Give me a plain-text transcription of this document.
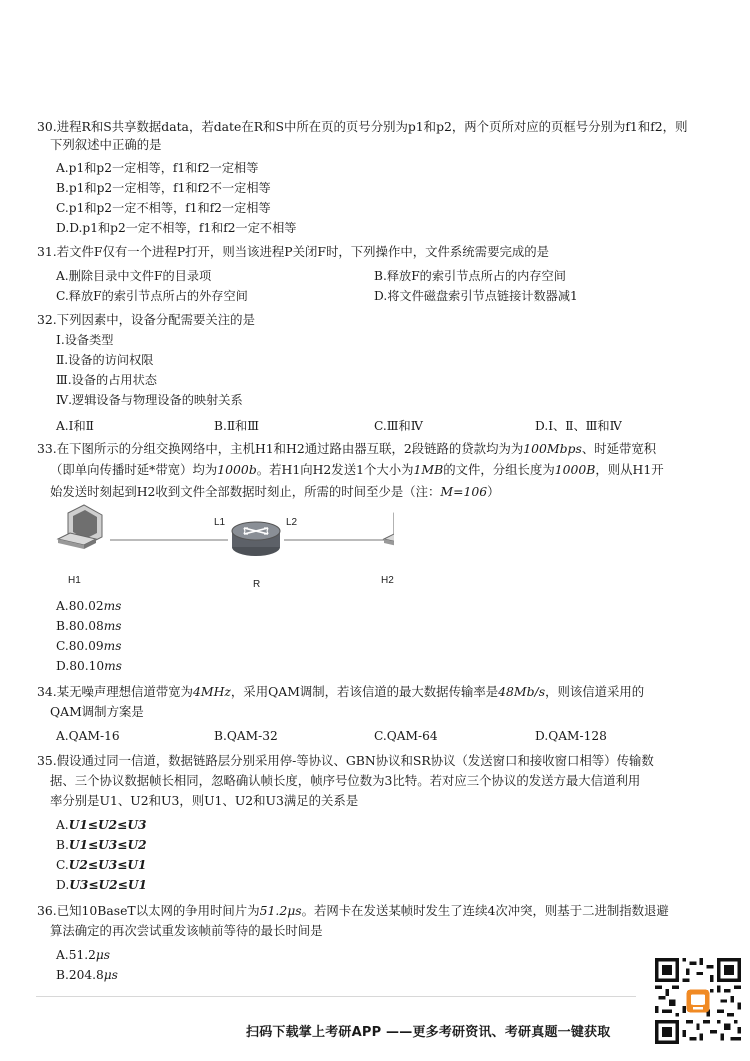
30.进程R和S共享数据data，若date在R和S中所在页的页号分别为p1和p2，两个页所对应的页框号分别为f1和f2，则
下列叙述中正确的是
A.p1和p2一定相等，f1和f2一定相等
B.p1和p2一定相等，f1和f2不一定相等
C.p1和p2一定不相等，f1和f2一定相等
D.D.p1和p2一定不相等，f1和f2一定不相等
31.若文件F仅有一个进程P打开，则当该进程P关闭F时，下列操作中，文件系统需要完成的是
A.删除目录中文件F的目录项	B.释放F的索引节点所占的内存空间
C.释放F的索引节点所占的外存空间	D.将文件磁盘索引节点链接计数器减1
32.下列因素中，设备分配需要关注的是
Ⅰ.设备类型
Ⅱ.设备的访问权限
Ⅲ.设备的占用状态
Ⅳ.逻辑设备与物理设备的映射关系
A.Ⅰ和Ⅱ	B.Ⅱ和Ⅲ	C.Ⅲ和Ⅳ	D.Ⅰ、Ⅱ、Ⅲ和Ⅳ
33.在下图所示的分组交换网络中，主机H1和H2通过路由器互联，2段链路的贷款均为为100Mbps、时延带宽积
（即单向传播时延*带宽）均为1000b。若H1向H2发送1个大小为1MB的文件，分组长度为1000B，则从H1开
始发送时刻起到H2收到文件全部数据时刻止，所需的时间至少是（注：M=106）
L1	L2
H1	R	H2
A.80.02ms
B.80.08ms
C.80.09ms
D.80.10ms
34.某无噪声理想信道带宽为4MHz，采用QAM调制，若该信道的最大数据传输率是48Mb/s，则该信道采用的
QAM调制方案是
A.QAM-16	B.QAM-32	C.QAM-64	D.QAM-128
35.假设通过同一信道，数据链路层分别采用停-等协议、GBN协议和SR协议（发送窗口和接收窗口相等）传输数
据、三个协议数据帧长相同，忽略确认帧长度，帧序号位数为3比特。若对应三个协议的发送方最大信道利用
率分别是U1、U2和U3，则U1、U2和U3满足的关系是
A.U1≤U2≤U3
B.U1≤U3≤U2
C.U2≤U3≤U1
D.U3≤U2≤U1
36.已知10BaseT以太网的争用时间片为51.2μs。若网卡在发送某帧时发生了连续4次冲突，则基于二进制指数退避
算法确定的再次尝试重发该帧前等待的最长时间是
A.51.2μs
B.204.8μs
扫码下载掌上考研APP ——更多考研资讯、考研真题一键获取
